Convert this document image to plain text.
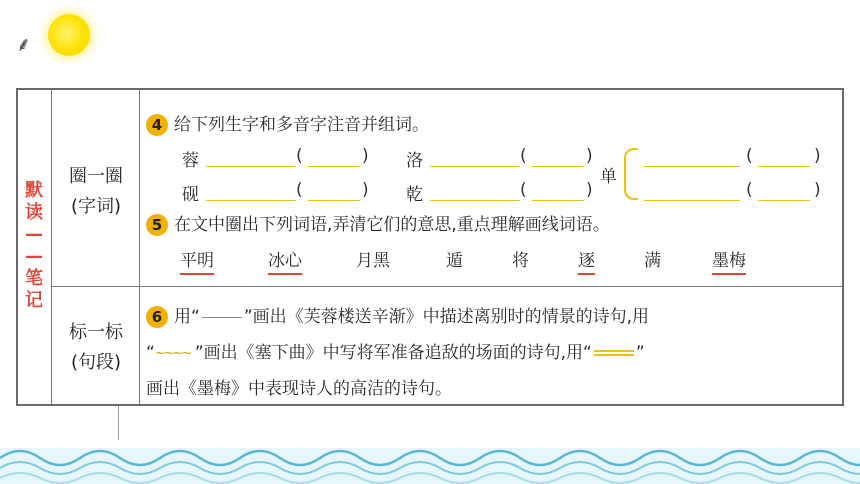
⸙
默
读
—
—
笔
记
圈一圈
(字词)
标一标
(句段)
4 给下列生字和多音字注音并组词。
蓉	(	) 洛	(	)
砚	(	) 乾	(	)
单
(	)
(	)
5 在文中圈出下列词语,弄清它们的意思,重点理解画线词语。
平明	冰心	月黑	遁	将	逐	满	墨梅
6 用“	”画出《芙蓉楼送辛渐》中描述离别时的情景的诗句,用
“~~~~ ”画出《塞下曲》中写将军准备追敌的场面的诗句,用“	”
画出《墨梅》中表现诗人的高洁的诗句。
